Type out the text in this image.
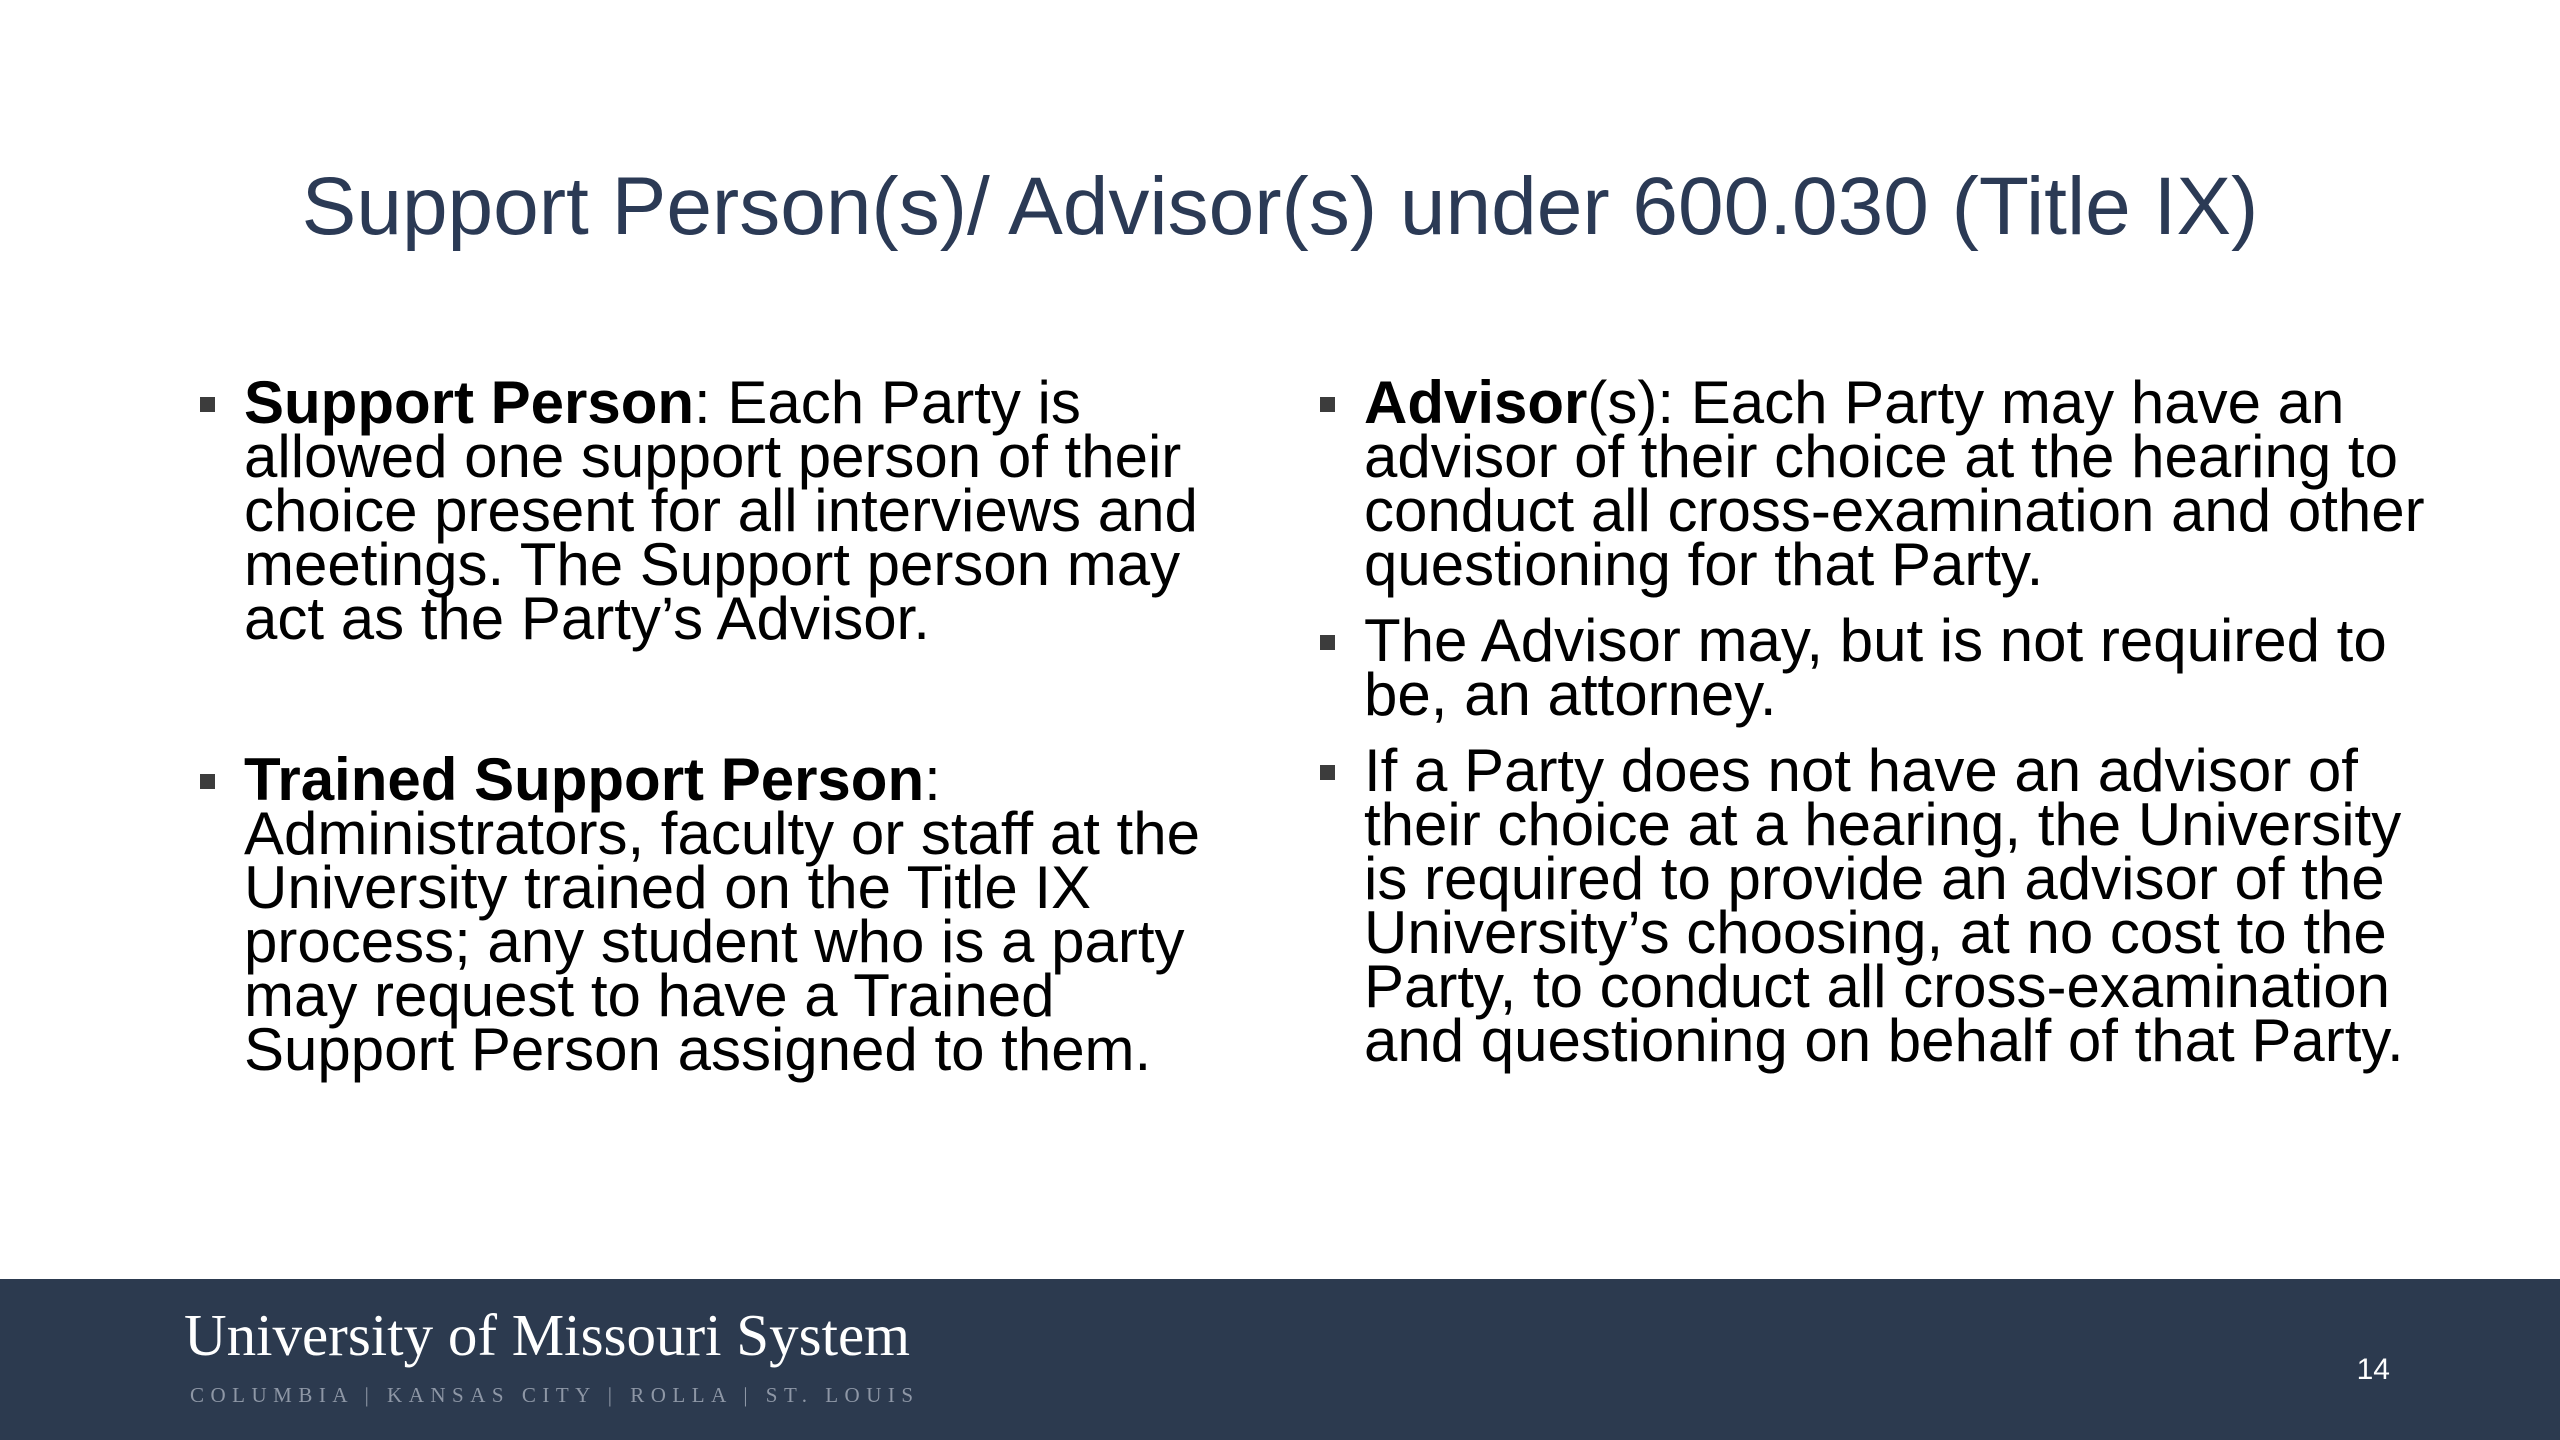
Support Person(s)/ Advisor(s) under 600.030 (Title IX)
Support Person: Each Party is allowed one support person of their choice present for all interviews and meetings. The Support person may act as the Party’s Advisor.
Trained Support Person: Administrators, faculty or staff at the University trained on the Title IX process; any student who is a party may request to have a Trained Support Person assigned to them.
Advisor(s): Each Party may have an advisor of their choice at the hearing to conduct all cross-examination and other questioning for that Party.
The Advisor may, but is not required to be, an attorney.
If a Party does not have an advisor of their choice at a hearing, the University is required to provide an advisor of the University’s choosing, at no cost to the Party, to conduct all cross-examination and questioning on behalf of that Party.
University of Missouri System
COLUMBIA | KANSAS CITY | ROLLA | ST. LOUIS
14
